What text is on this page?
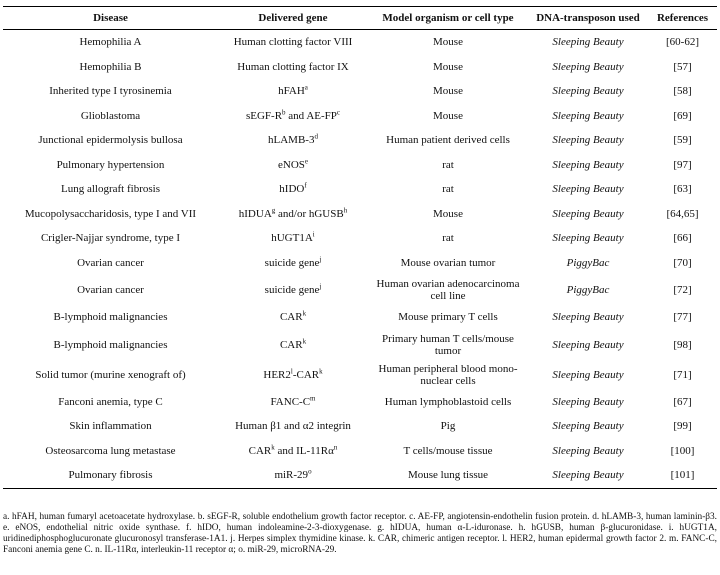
Disease	Delivered gene	Model organism or cell type	DNA-transposon used	References
Hemophilia A	Human clotting factor VIII	Mouse	Sleeping Beauty	[60-62]
Hemophilia B	Human clotting factor IX	Mouse	Sleeping Beauty	[57]
Inherited type I tyrosinemia	hFAH$^a$	Mouse	Sleeping Beauty	[58]
Glioblastoma	sEGF-$R^b$ and $AE-FP^c$	Mouse	Sleeping Beauty	[69]
Junctional epidermolysis bullosa	hLAMB-3$^d$	Human patient derived cells	Sleeping Beauty	[59]
Pulmonary hypertension	eNOS$^e$	rat	Sleeping Beauty	[97]
Lung allograft fibrosis	hIDO$^f$	rat	Sleeping Beauty	[63]
Mucopolysaccharidosis, type I and VII	hIDUA$^g$ and/or hGUSB$^h$	Mouse	Sleeping Beauty	[64,65]
Crigler-Najjar syndrome, type I	$hUGT1A^i$	rat	Sleeping Beauty	[66]
Ovarian cancer	suicide gene$^j$	Mouse ovarian tumor	PiggyBac	[70]
Ovarian cancer	suicide gene$^j$	Human ovarian adenocarcinoma cell line	PiggyBac	[72]
B-lymphoid malignancies	CAR$^k$	Mouse primary T cells	Sleeping Beauty	[77]
B-lymphoid malignancies	CAR$^k$	Primary human T cells/mouse tumor	Sleeping Beauty	[98]
Solid tumor (murine xenograft of)	HER2$^l$-CAR$^k$	Human peripheral blood mono-nuclear cells	Sleeping Beauty	[71]
Fanconi anemia, type C	FANC-$C^m$	Human lymphoblastoid cells	Sleeping Beauty	[67]
Skin inflammation	Human β1 and α2 integrin	Pig	Sleeping Beauty	[99]
Osteosarcoma lung metastase	CAR$^k$ and $IL-11R\alpha^n$	T cells/mouse tissue	Sleeping Beauty	[100]
Pulmonary fibrosis	miR-29$^o$	Mouse lung tissue	Sleeping Beauty	[101]
a. hFAH, human fumaryl acetoacetate hydroxylase. b. sEGF-R, soluble endothelium growth factor receptor. c. AE-FP, angiotensin-endothelin fusion protein. d. hLAMB-3, human laminin-β3. e. eNOS, endothelial nitric oxide synthase. f. hIDO, human indoleamine-2-3-dioxygenase. g. hIDUA, human α-L-iduronase. h. hGUSB, human β-glucuronidase. i. hUGT1A, uridinediphosphoglucuronate glucuronosyl transferase-1A1. j. Herpes simplex thymidine kinase. k. CAR, chimeric antigen receptor. l. HER2, human epidermal growth factor 2. m. FANC-C, Fanconi anemia gene C. n. IL-11Rα, interleukin-11 receptor α; o. miR-29, microRNA-29.
